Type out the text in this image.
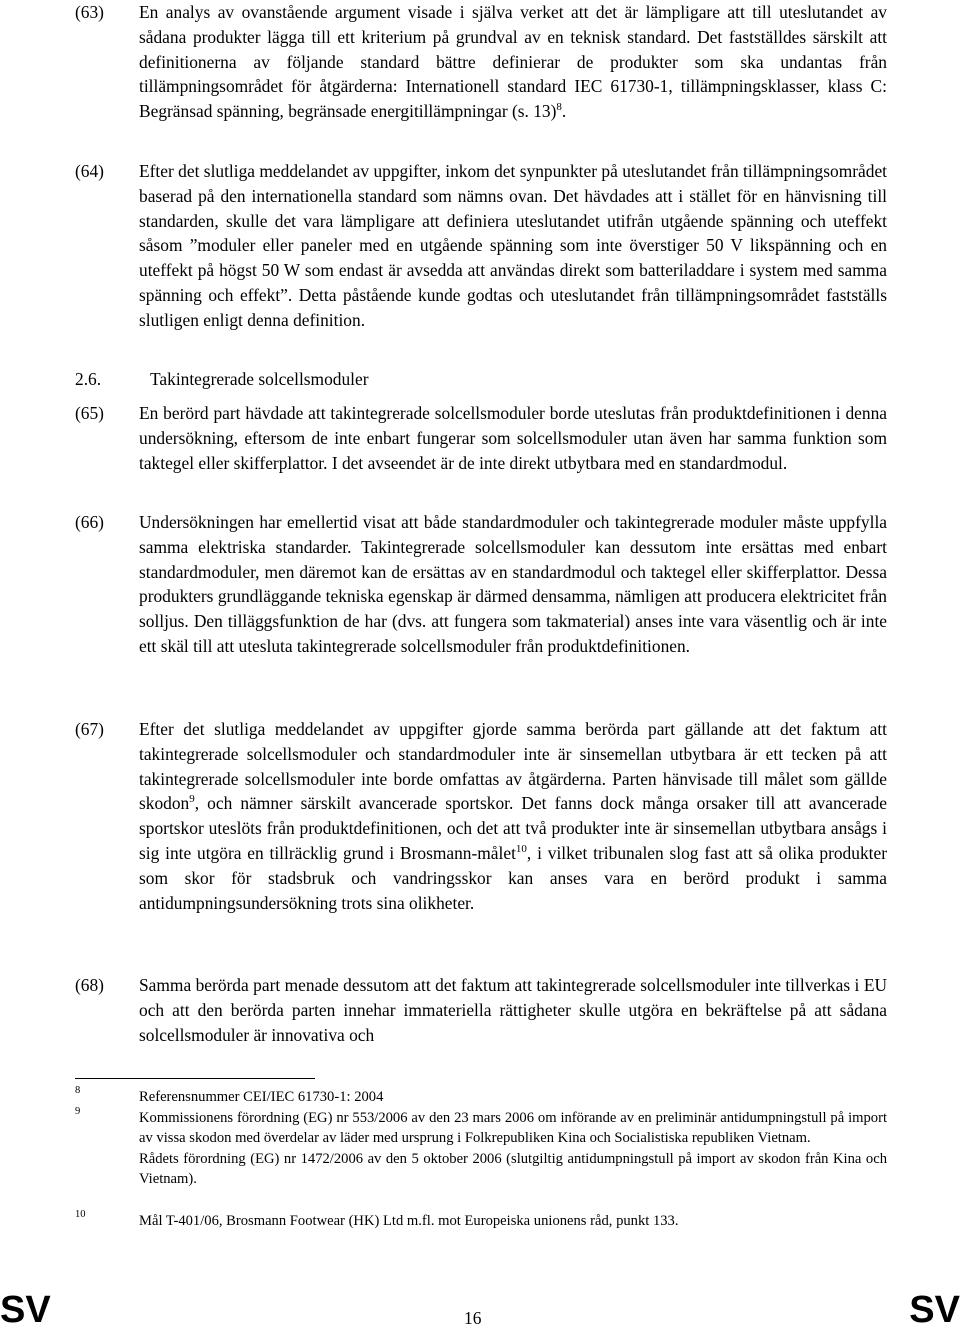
(63) En analys av ovanstående argument visade i själva verket att det är lämpligare att till uteslutandet av sådana produkter lägga till ett kriterium på grundval av en teknisk standard. Det fastställdes särskilt att definitionerna av följande standard bättre definierar de produkter som ska undantas från tillämpningsområdet för åtgärderna: Internationell standard IEC 61730-1, tillämpningsklasser, klass C: Begränsad spänning, begränsade energitillämpningar (s. 13)$^8$.
(64) Efter det slutliga meddelandet av uppgifter, inkom det synpunkter på uteslutandet från tillämpningsområdet baserad på den internationella standard som nämns ovan. Det hävdades att i stället för en hänvisning till standarden, skulle det vara lämpligare att definiera uteslutandet utifrån utgående spänning och uteffekt såsom ”moduler eller paneler med en utgående spänning som inte överstiger 50 V likspänning och en uteffekt på högst 50 W som endast är avsedda att användas direkt som batteriladdare i system med samma spänning och effekt”. Detta påstående kunde godtas och uteslutandet från tillämpningsområdet fastställs slutligen enligt denna definition.
2.6.	Takintegrerade solcellsmoduler
(65) En berörd part hävdade att takintegrerade solcellsmoduler borde uteslutas från produktdefinitionen i denna undersökning, eftersom de inte enbart fungerar som solcellsmoduler utan även har samma funktion som taktegel eller skifferplattor. I det avseendet är de inte direkt utbytbara med en standardmodul.
(66) Undersökningen har emellertid visat att både standardmoduler och takintegrerade moduler måste uppfylla samma elektriska standarder. Takintegrerade solcellsmoduler kan dessutom inte ersättas med enbart standardmoduler, men däremot kan de ersättas av en standardmodul och taktegel eller skifferplattor. Dessa produkters grundläggande tekniska egenskap är därmed densamma, nämligen att producera elektricitet från solljus. Den tilläggsfunktion de har (dvs. att fungera som takmaterial) anses inte vara väsentlig och är inte ett skäl till att utesluta takintegrerade solcellsmoduler från produktdefinitionen.
(67) Efter det slutliga meddelandet av uppgifter gjorde samma berörda part gällande att det faktum att takintegrerade solcellsmoduler och standardmoduler inte är sinsemellan utbytbara är ett tecken på att takintegrerade solcellsmoduler inte borde omfattas av åtgärderna. Parten hänvisade till målet som gällde skodon$^9$, och nämner särskilt avancerade sportskor. Det fanns dock många orsaker till att avancerade sportskor uteslöts från produktdefinitionen, och det att två produkter inte är sinsemellan utbytbara ansågs i sig inte utgöra en tillräcklig grund i Brosmann-målet$^{10}$, i vilket tribunalen slog fast att så olika produkter som skor för stadsbruk och vandringsskor kan anses vara en berörd produkt i samma antidumpningsundersökning trots sina olikheter.
(68) Samma berörda part menade dessutom att det faktum att takintegrerade solcellsmoduler inte tillverkas i EU och att den berörda parten innehar immateriella rättigheter skulle utgöra en bekräftelse på att sådana solcellsmoduler är innovativa och
8	Referensnummer CEI/IEC 61730-1: 2004
9	Kommissionens förordning (EG) nr 553/2006 av den 23 mars 2006 om införande av en preliminär antidumpningstull på import av vissa skodon med överdelar av läder med ursprung i Folkrepubliken Kina och Socialistiska republiken Vietnam.
Rådets förordning (EG) nr 1472/2006 av den 5 oktober 2006 (slutgiltig antidumpningstull på import av skodon från Kina och Vietnam).
10	Mål T-401/06, Brosmann Footwear (HK) Ltd m.fl. mot Europeiska unionens råd, punkt 133.
SV	16	SV
